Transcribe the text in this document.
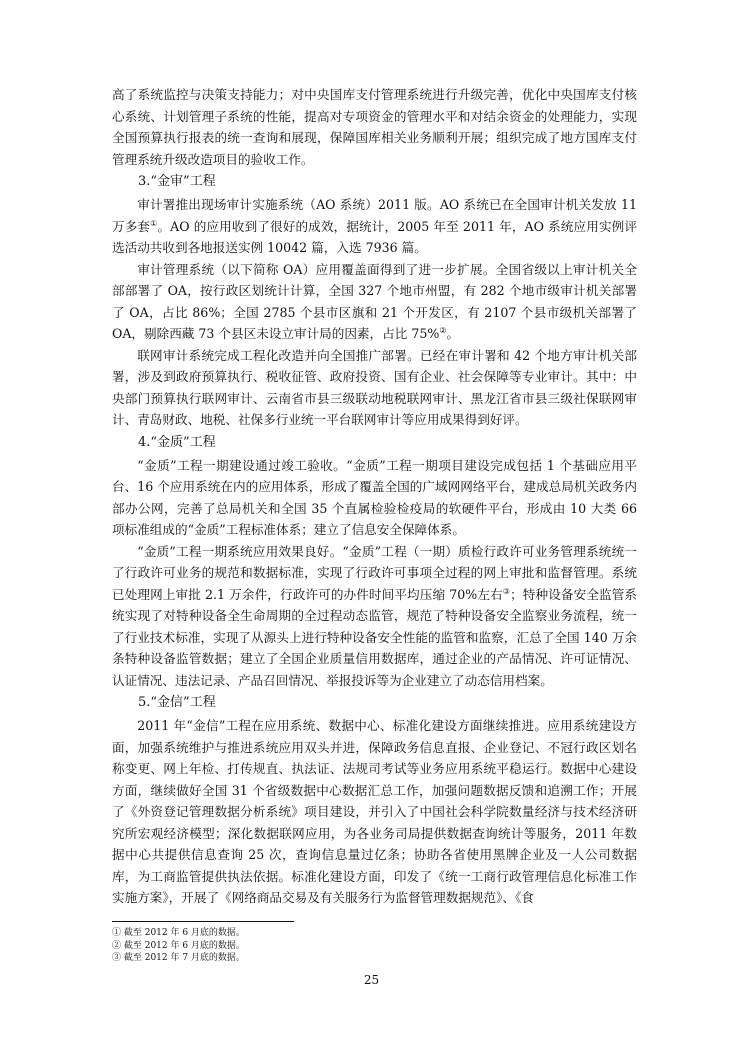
高了系统监控与决策支持能力；对中央国库支付管理系统进行升级完善，优化中央国库支付核心系统、计划管理子系统的性能，提高对专项资金的管理水平和对结余资金的处理能力，实现全国预算执行报表的统一查询和展现，保障国库相关业务顺利开展；组织完成了地方国库支付管理系统升级改造项目的验收工作。

3.“金审”工程

审计署推出现场审计实施系统（AO 系统）2011 版。AO 系统已在全国审计机关发放 11 万多套①。AO 的应用收到了很好的成效，据统计，2005 年至 2011 年，AO 系统应用实例评选活动共收到各地报送实例 10042 篇，入选 7936 篇。

审计管理系统（以下简称 OA）应用覆盖面得到了进一步扩展。全国省级以上审计机关全部部署了 OA，按行政区划统计计算，全国 327 个地市州盟，有 282 个地市级审计机关部署了 OA，占比 86%；全国 2785 个县市区旗和 21 个开发区，有 2107 个县市级机关部署了 OA，剔除西藏 73 个县区未设立审计局的因素，占比 75%②。

联网审计系统完成工程化改造并向全国推广部署。已经在审计署和 42 个地方审计机关部署，涉及到政府预算执行、税收征管、政府投资、国有企业、社会保障等专业审计。其中：中央部门预算执行联网审计、云南省市县三级联动地税联网审计、黑龙江省市县三级社保联网审计、青岛财政、地税、社保多行业统一平台联网审计等应用成果得到好评。

4.“金质”工程

“金质”工程一期建设通过竣工验收。“金质”工程一期项目建设完成包括 1 个基础应用平台、16 个应用系统在内的应用体系，形成了覆盖全国的广域网网络平台，建成总局机关政务内部办公网，完善了总局机关和全国 35 个直属检验检疫局的软硬件平台，形成由 10 大类 66 项标准组成的“金质”工程标准体系；建立了信息安全保障体系。

“金质”工程一期系统应用效果良好。“金质”工程（一期）质检行政许可业务管理系统统一了行政许可业务的规范和数据标准，实现了行政许可事项全过程的网上审批和监督管理。系统已处理网上审批 2.1 万余件，行政许可的办件时间平均压缩 70%左右③；特种设备安全监管系统实现了对特种设备全生命周期的全过程动态监管，规范了特种设备安全监察业务流程，统一了行业技术标准，实现了从源头上进行特种设备安全性能的监管和监察，汇总了全国 140 万余条特种设备监管数据；建立了全国企业质量信用数据库，通过企业的产品情况、许可证情况、认证情况、违法记录、产品召回情况、举报投诉等为企业建立了动态信用档案。

5.“金信”工程

2011 年“金信”工程在应用系统、数据中心、标准化建设方面继续推进。应用系统建设方面，加强系统维护与推进系统应用双头并进，保障政务信息直报、企业登记、不冠行政区划名称变更、网上年检、打传规直、执法证、法规司考试等业务应用系统平稳运行。数据中心建设方面，继续做好全国 31 个省级数据中心数据汇总工作，加强问题数据反馈和追溯工作；开展了《外资登记管理数据分析系统》项目建设，并引入了中国社会科学院数量经济与技术经济研究所宏观经济模型；深化数据联网应用，为各业务司局提供数据查询统计等服务，2011 年数据中心共提供信息查询 25 次，查询信息量过亿条；协助各省使用黑牌企业及一人公司数据库，为工商监管提供执法依据。标准化建设方面，印发了《统一工商行政管理信息化标准工作实施方案》，开展了《网络商品交易及有关服务行为监督管理数据规范》、《食

① 截至 2012 年 6 月底的数据。
② 截至 2012 年 6 月底的数据。
③ 截至 2012 年 7 月底的数据。
25
